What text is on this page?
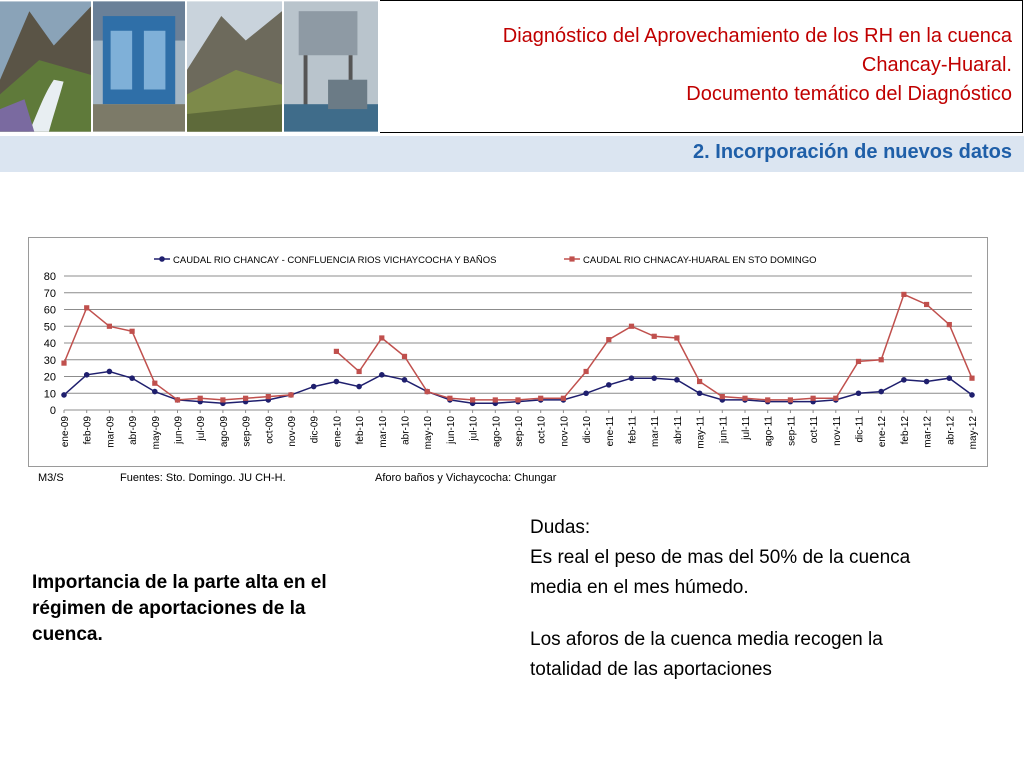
Diagnóstico del Aprovechamiento de los RH en la cuenca
Chancay-Huaral.
Documento temático del Diagnóstico
2. Incorporación de nuevos datos
0
10
20
30
40
50
60
70
80
ene-09 feb-09 mar-09 abr-09 may-09 jun-09 jul-09 ago-09 sep-09 oct-09 nov-09 dic-09 ene-10 feb-10 mar-10 abr-10 may-10 jun-10 jul-10 ago-10 sep-10 oct-10 nov-10 dic-10 ene-11 feb-11 mar-11 abr-11 may-11 jun-11 jul-11 ago-11 sep-11 oct-11 nov-11 dic-11 ene-12 feb-12 mar-12 abr-12 may-12
CAUDAL RIO CHANCAY - CONFLUENCIA RIOS VICHAYCOCHA Y BAÑOS	CAUDAL RIO CHNACAY-HUARAL EN STO DOMINGO
M3/S	Fuentes: Sto. Domingo. JU CH-H.	Aforo baños y Vichaycocha: Chungar
Importancia de la parte alta en el régimen de aportaciones de la cuenca.

Dudas:

Es real el peso de mas del 50% de la cuenca media en el mes húmedo.

Los aforos de la cuenca media recogen la totalidad de las aportaciones
